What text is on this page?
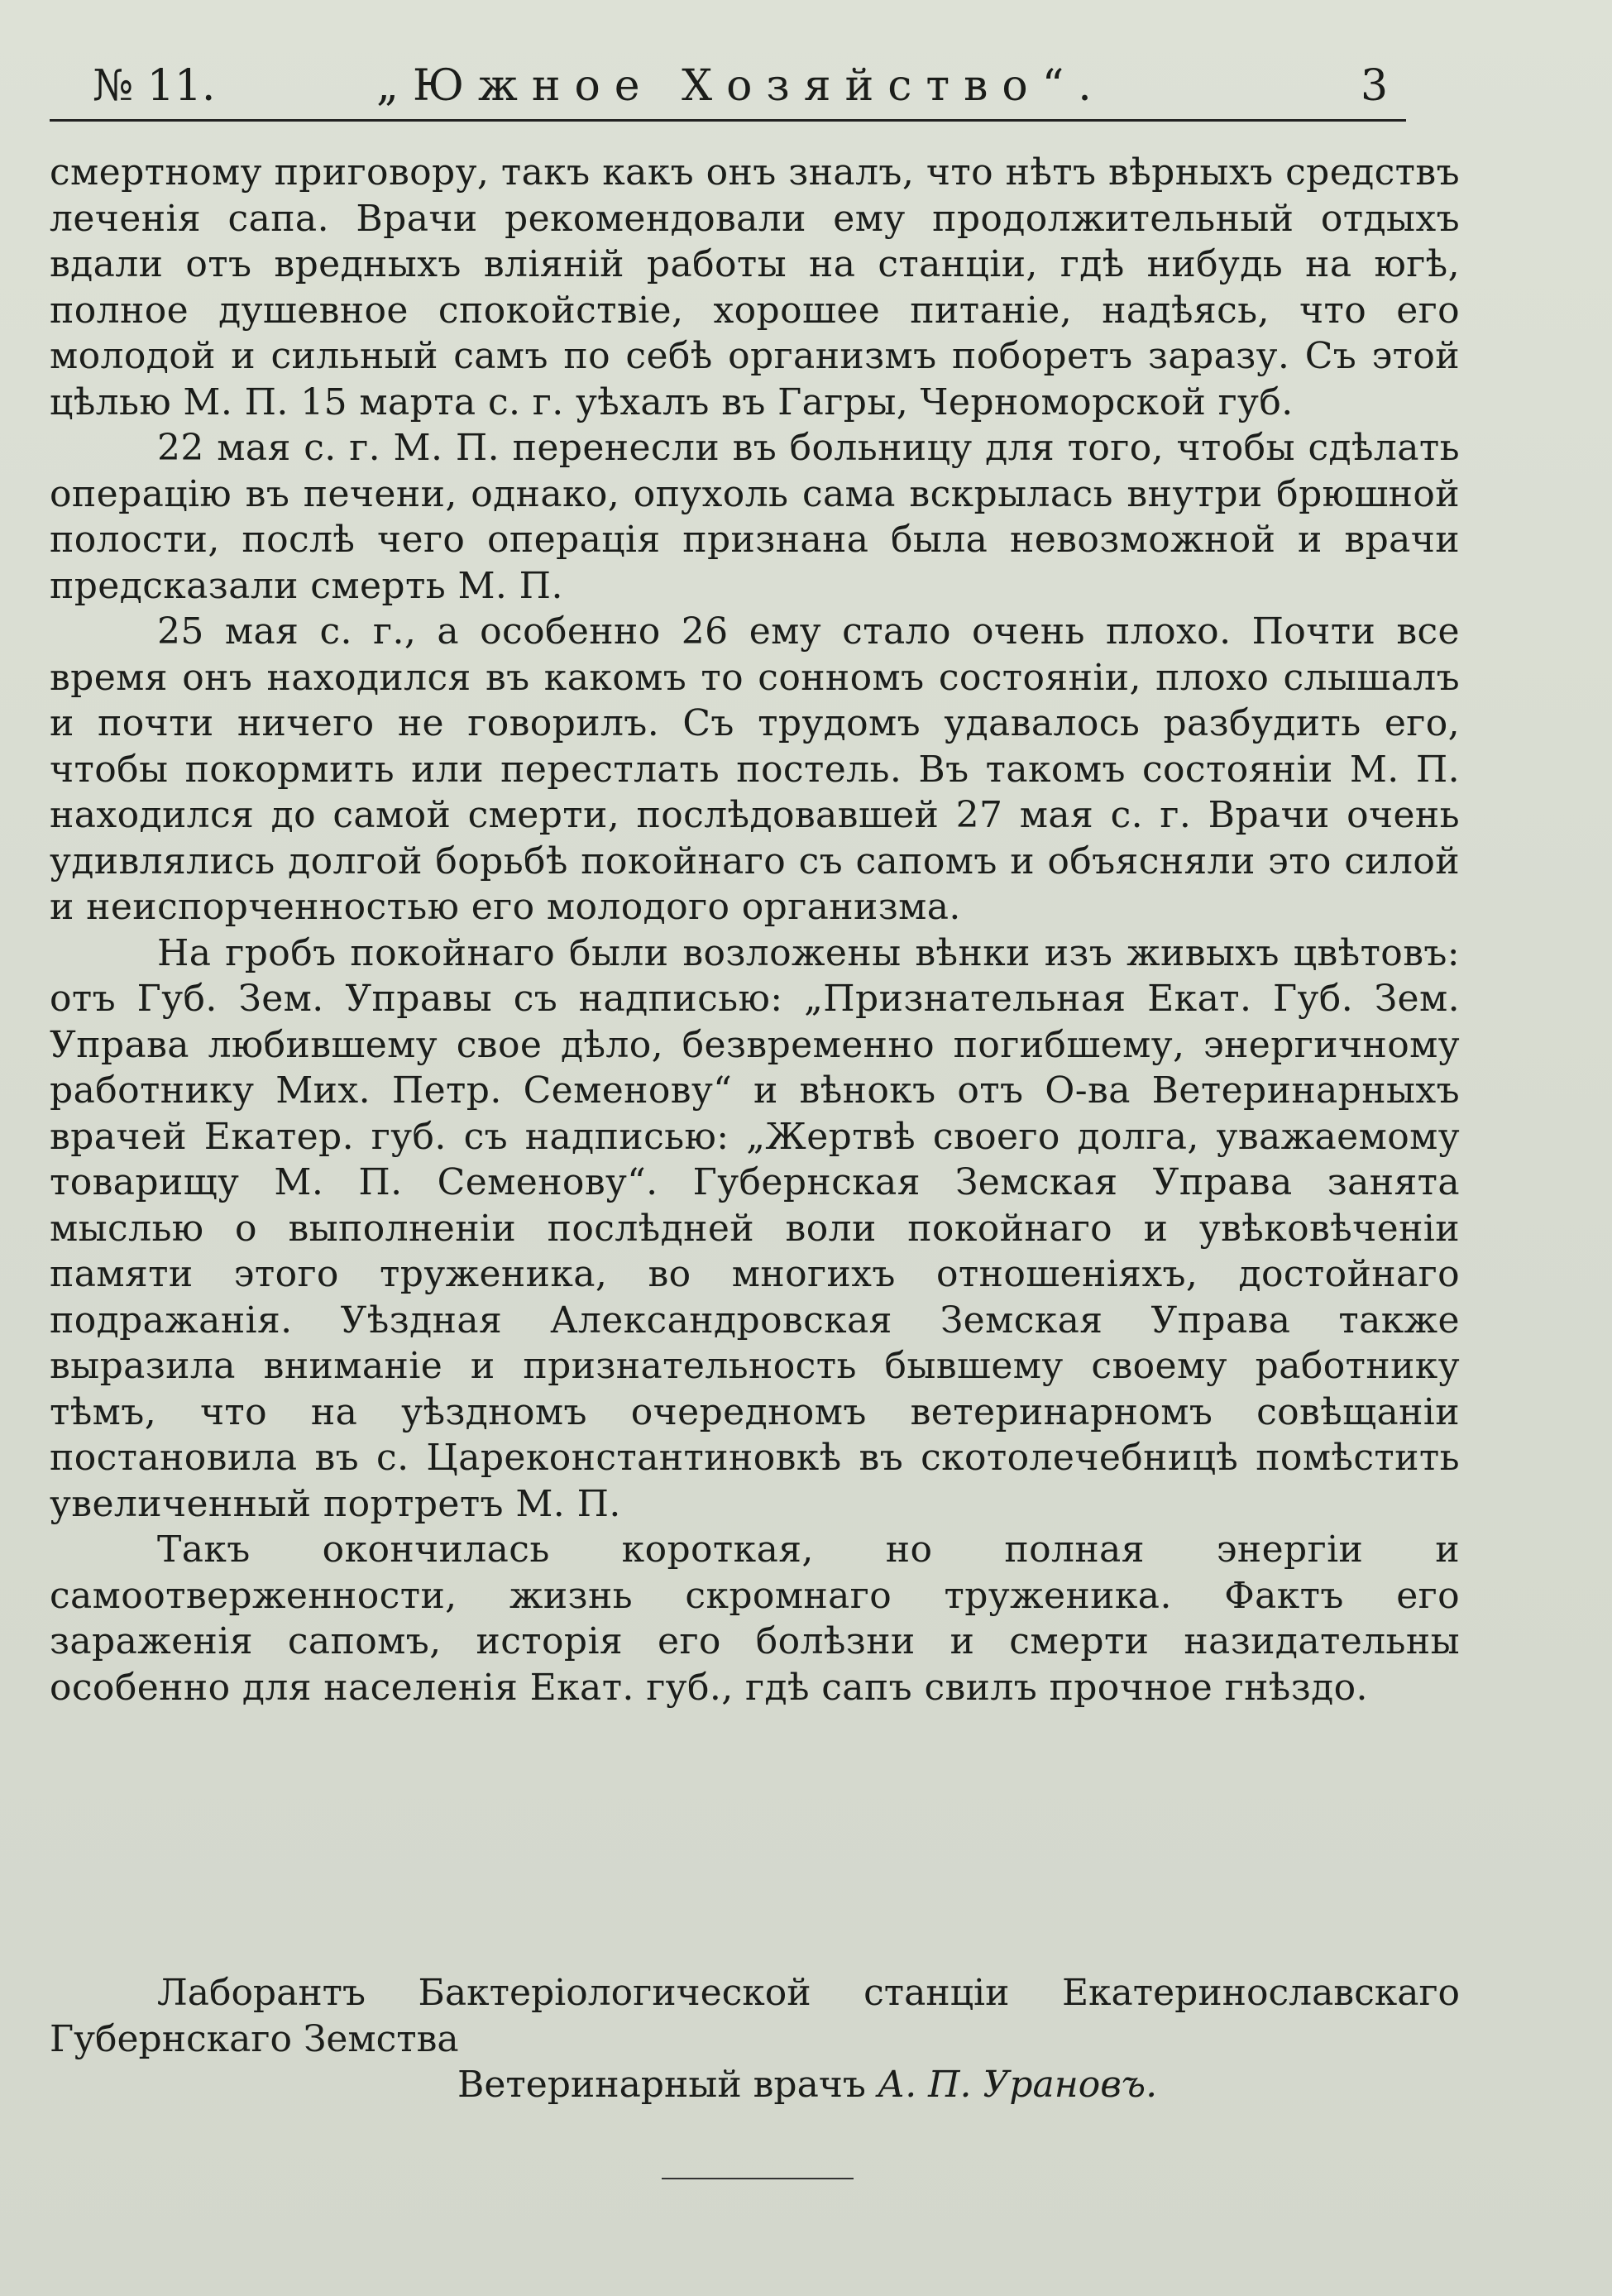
№ 11.	„Южное Хозяйство“.	3

смертному приговору, такъ какъ онъ зналъ, что нѣтъ вѣрныхъ средствъ леченія сапа. Врачи рекомендовали ему продолжительный отдыхъ вдали отъ вредныхъ вліяній работы на станціи, гдѣ нибудь на югѣ, полное душевное спокойствіе, хорошее питаніе, надѣясь, что его молодой и сильный самъ по себѣ организмъ поборетъ заразу. Съ этой цѣлью М. П. 15 марта с. г. уѣхалъ въ Гагры, Черноморской губ.

22 мая с. г. М. П. перенесли въ больницу для того, чтобы сдѣлать операцію въ печени, однако, опухоль сама вскрылась внутри брюшной полости, послѣ чего операція признана была невозможной и врачи предсказали смерть М. П.

25 мая с. г., а особенно 26 ему стало очень плохо. Почти все время онъ находился въ какомъ то сонномъ состояніи, плохо слышалъ и почти ничего не говорилъ. Съ трудомъ удавалось разбудить его, чтобы покормить или перестлать постель. Въ такомъ состояніи М. П. находился до самой смерти, послѣдовавшей 27 мая с. г. Врачи очень удивлялись долгой борьбѣ покойнаго съ сапомъ и объясняли это силой и неиспорченностью его молодого организма.

На гробъ покойнаго были возложены вѣнки изъ живыхъ цвѣтовъ: отъ Губ. Зем. Управы съ надписью: „Признательная Екат. Губ. Зем. Управа любившему свое дѣло, безвременно погибшему, энергичному работнику Мих. Петр. Семенову“ и вѣнокъ отъ О-ва Ветеринарныхъ врачей Екатер. губ. съ надписью: „Жертвѣ своего долга, уважаемому товарищу М. П. Семенову“. Губернская Земская Управа занята мыслью о выполненіи послѣдней воли покойнаго и увѣковѣченіи памяти этого труженика, во многихъ отношеніяхъ, достойнаго подражанія. Уѣздная Александровская Земская Управа также выразила вниманіе и признательность бывшему своему работнику тѣмъ, что на уѣздномъ очередномъ ветеринарномъ совѣщаніи постановила въ с. Цареконстантиновкѣ въ скотолечебницѣ помѣстить увеличенный портретъ М. П.

Такъ окончилась короткая, но полная энергіи и самоотверженности, жизнь скромнаго труженика. Фактъ его зараженія сапомъ, исторія его болѣзни и смерти назидательны особенно для населенія Екат. губ., гдѣ сапъ свилъ прочное гнѣздо.

Лаборантъ Бактеріологической станціи Екатеринославскаго Губернскаго Земства

Ветеринарный врачъ А. П. Урановъ.
